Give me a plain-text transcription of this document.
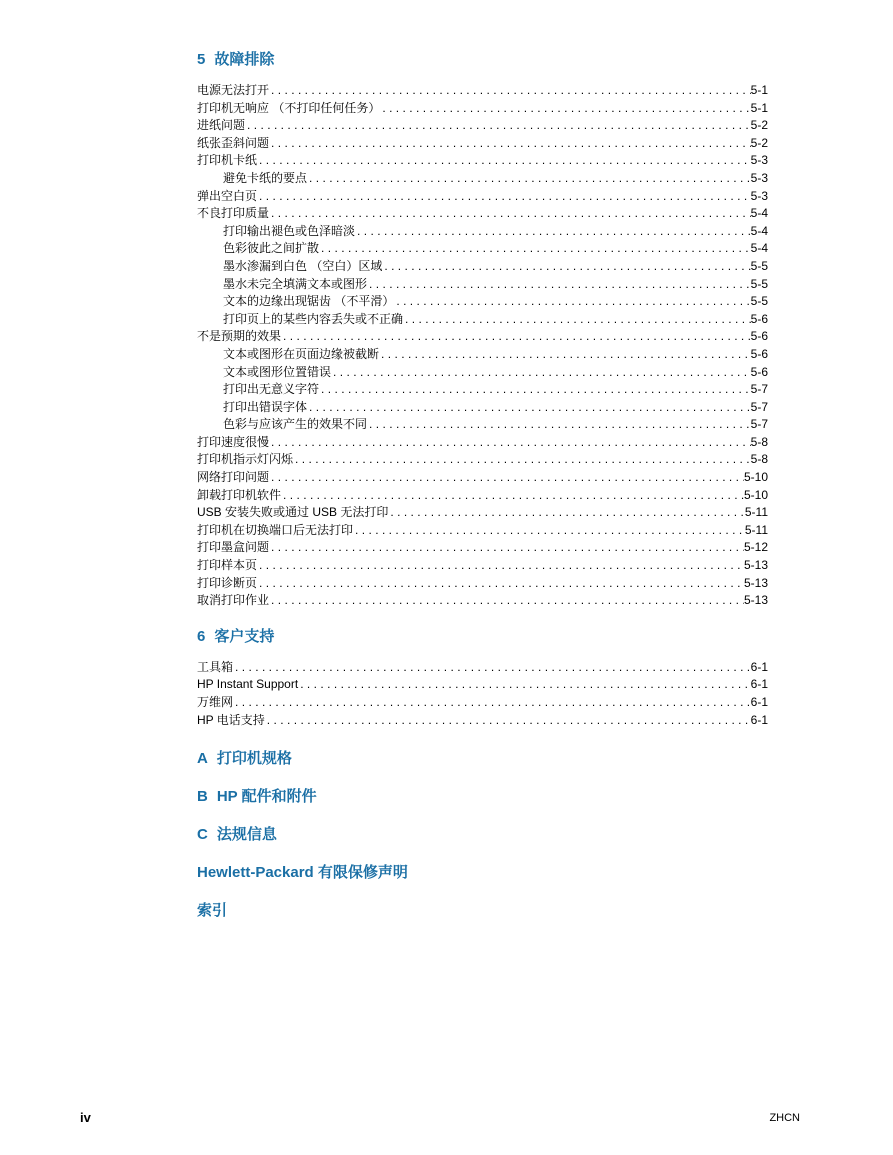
5 故障排除
电源无法打开 .....	5-1
打印机无响应 （不打印任何任务） .....	5-1
进纸问题 .....	5-2
纸张歪斜问题 .....	5-2
打印机卡纸 .....	5-3
避免卡纸的要点 .....	5-3
弹出空白页 .....	5-3
不良打印质量 .....	5-4
打印输出褪色或色泽暗淡 .....	5-4
色彩彼此之间扩散 .....	5-4
墨水渗漏到白色 （空白）区域 .....	5-5
墨水未完全填满文本或图形 .....	5-5
文本的边缘出现锯齿 （不平滑） .....	5-5
打印页上的某些内容丢失或不正确 .....	5-6
不是预期的效果 .....	5-6
文本或图形在页面边缘被截断 .....	5-6
文本或图形位置错误 .....	5-6
打印出无意义字符 .....	5-7
打印出错误字体 .....	5-7
色彩与应该产生的效果不同 .....	5-7
打印速度很慢 .....	5-8
打印机指示灯闪烁 .....	5-8
网络打印问题 .....	5-10
卸载打印机软件 .....	5-10
USB 安装失败或通过 USB 无法打印 .....	5-11
打印机在切换端口后无法打印 .....	5-11
打印墨盒问题 .....	5-12
打印样本页 .....	5-13
打印诊断页 .....	5-13
取消打印作业 .....	5-13
6 客户支持
工具箱 .....	6-1
HP Instant Support .....	6-1
万维网 .....	6-1
HP 电话支持 .....	6-1
A 打印机规格
B HP 配件和附件
C 法规信息
Hewlett-Packard 有限保修声明
索引
iv	ZHCN
